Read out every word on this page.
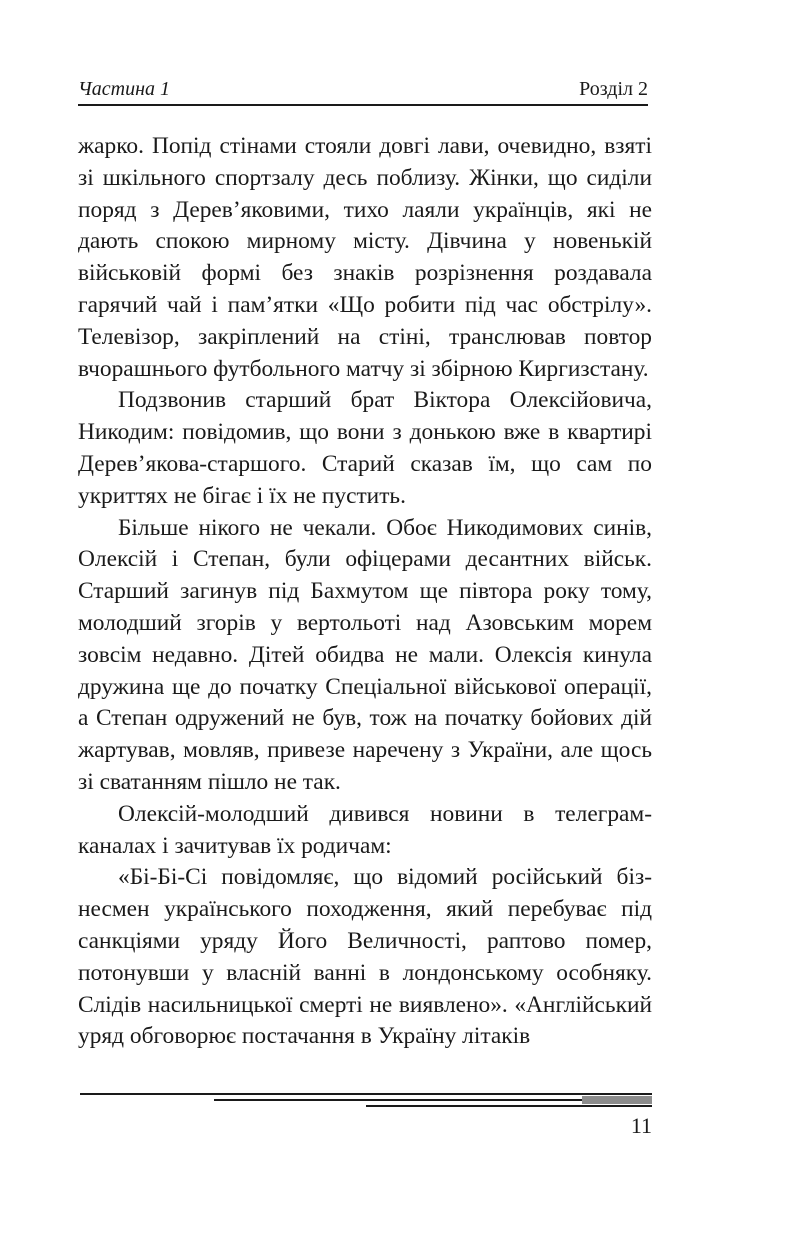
Частина 1	Розділ 2

жарко. Попід стінами стояли довгі лави, очевидно, взяті зі шкільного спортзалу десь поблизу. Жінки, що сиділи поряд з Дерев’яковими, тихо лаяли українців, які не дають спокою мирному місту. Дівчина у новенькій військовій формі без знаків розрізнення роздавала гарячий чай і пам’ятки «Що робити під час обстрілу». Телевізор, закріплений на стіні, транслював повтор вчорашнього футбольного матчу зі збірною Киргизстану.

Подзвонив старший брат Віктора Олексійовича, Никодим: повідомив, що вони з донькою вже в квартирі Дерев’якова-старшого. Старий сказав їм, що сам по укриттях не бігає і їх не пустить.

Більше нікого не чекали. Обоє Никодимових синів, Олексій і Степан, були офіцерами десантних військ. Старший загинув під Бахмутом ще півтора року тому, молодший згорів у вертольоті над Азовським морем зовсім недавно. Дітей обидва не мали. Олексія кинула дружина ще до початку Спеціальної військової операції, а Степан одружений не був, тож на початку бойових дій жартував, мовляв, привезе наречену з України, але щось зі сватанням пішло не так.

Олексій-молодший дивився новини в телеграм-каналах і зачитував їх родичам:

«Бі-Бі-Сі повідомляє, що відомий російський бізнесмен українського походження, який перебуває під санкціями уряду Його Величності, раптово помер, потонувши у власній ванні в лондонському особняку. Слідів насильницької смерті не виявлено». «Англійський уряд обговорює постачання в Україну літаків

11
